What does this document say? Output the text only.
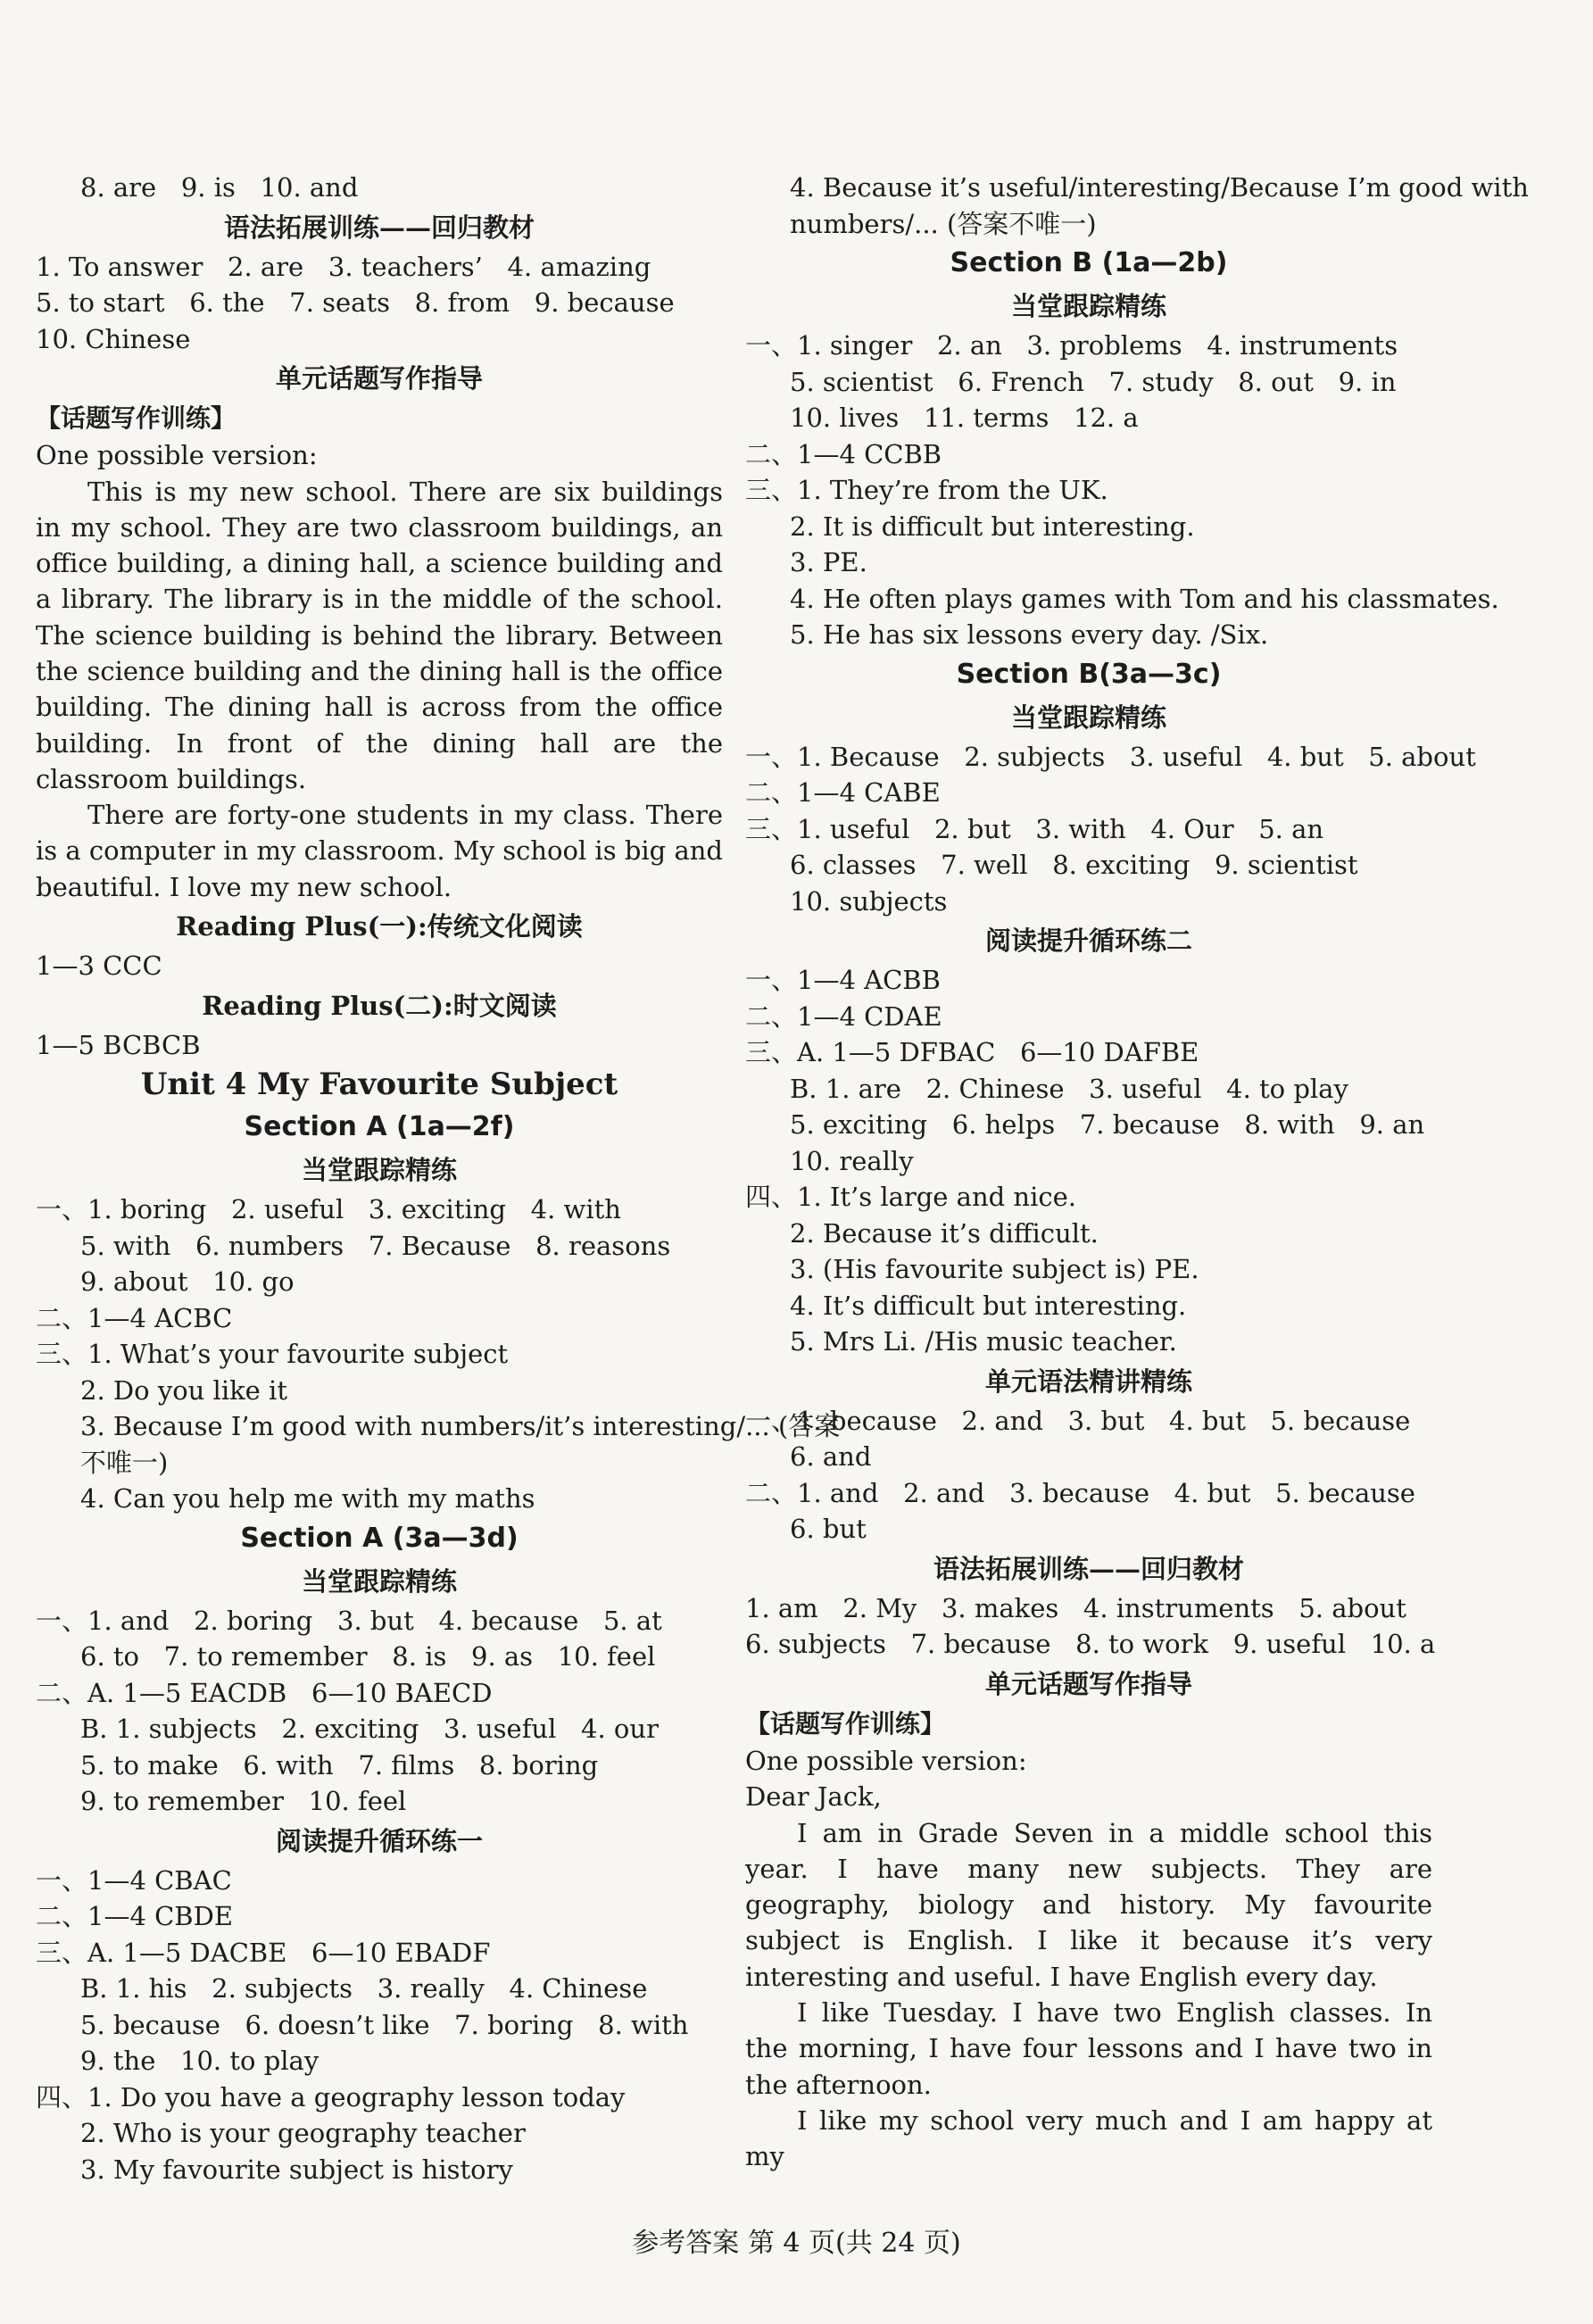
8. are   9. is   10. and
语法拓展训练——回归教材
1. To answer   2. are   3. teachers’   4. amazing
5. to start   6. the   7. seats   8. from   9. because
10. Chinese
单元话题写作指导
【话题写作训练】
One possible version:
This is my new school. There are six buildings in my school. They are two classroom buildings, an office building, a dining hall, a science building and a library. The library is in the middle of the school. The science building is behind the library. Between the science building and the dining hall is the office building. The dining hall is across from the office building. In front of the dining hall are the classroom buildings.
There are forty-one students in my class. There is a computer in my classroom. My school is big and beautiful. I love my new school.
Reading Plus(一):传统文化阅读
1—3 CCC
Reading Plus(二):时文阅读
1—5 BCBCB
Unit 4 My Favourite Subject
Section A (1a—2f)
当堂跟踪精练
一、1. boring   2. useful   3. exciting   4. with
5. with   6. numbers   7. Because   8. reasons
9. about   10. go
二、1—4 ACBC
三、1. What’s your favourite subject
2. Do you like it
3. Because I’m good with numbers/it’s interesting/... (答案
不唯一)
4. Can you help me with my maths
Section A (3a—3d)
当堂跟踪精练
一、1. and   2. boring   3. but   4. because   5. at
6. to   7. to remember   8. is   9. as   10. feel
二、A. 1—5 EACDB   6—10 BAECD
B. 1. subjects   2. exciting   3. useful   4. our
5. to make   6. with   7. films   8. boring
9. to remember   10. feel
阅读提升循环练一
一、1—4 CBAC
二、1—4 CBDE
三、A. 1—5 DACBE   6—10 EBADF
B. 1. his   2. subjects   3. really   4. Chinese
5. because   6. doesn’t like   7. boring   8. with
9. the   10. to play
四、1. Do you have a geography lesson today
2. Who is your geography teacher
3. My favourite subject is history
4. Because it’s useful/interesting/Because I’m good with
numbers/... (答案不唯一)
Section B (1a—2b)
当堂跟踪精练
一、1. singer   2. an   3. problems   4. instruments
5. scientist   6. French   7. study   8. out   9. in
10. lives   11. terms   12. a
二、1—4 CCBB
三、1. They’re from the UK.
2. It is difficult but interesting.
3. PE.
4. He often plays games with Tom and his classmates.
5. He has six lessons every day. /Six.
Section B(3a—3c)
当堂跟踪精练
一、1. Because   2. subjects   3. useful   4. but   5. about
二、1—4 CABE
三、1. useful   2. but   3. with   4. Our   5. an
6. classes   7. well   8. exciting   9. scientist
10. subjects
阅读提升循环练二
一、1—4 ACBB
二、1—4 CDAE
三、A. 1—5 DFBAC   6—10 DAFBE
B. 1. are   2. Chinese   3. useful   4. to play
5. exciting   6. helps   7. because   8. with   9. an
10. really
四、1. It’s large and nice.
2. Because it’s difficult.
3. (His favourite subject is) PE.
4. It’s difficult but interesting.
5. Mrs Li. /His music teacher.
单元语法精讲精练
一、1. because   2. and   3. but   4. but   5. because
6. and
二、1. and   2. and   3. because   4. but   5. because
6. but
语法拓展训练——回归教材
1. am   2. My   3. makes   4. instruments   5. about
6. subjects   7. because   8. to work   9. useful   10. a
单元话题写作指导
【话题写作训练】
One possible version:
Dear Jack,
I am in Grade Seven in a middle school this year. I have many new subjects. They are geography, biology and history. My favourite subject is English. I like it because it’s very interesting and useful. I have English every day.
I like Tuesday. I have two English classes. In the morning, I have four lessons and I have two in the afternoon.
I like my school very much and I am happy at my
参考答案 第 4 页(共 24 页)
